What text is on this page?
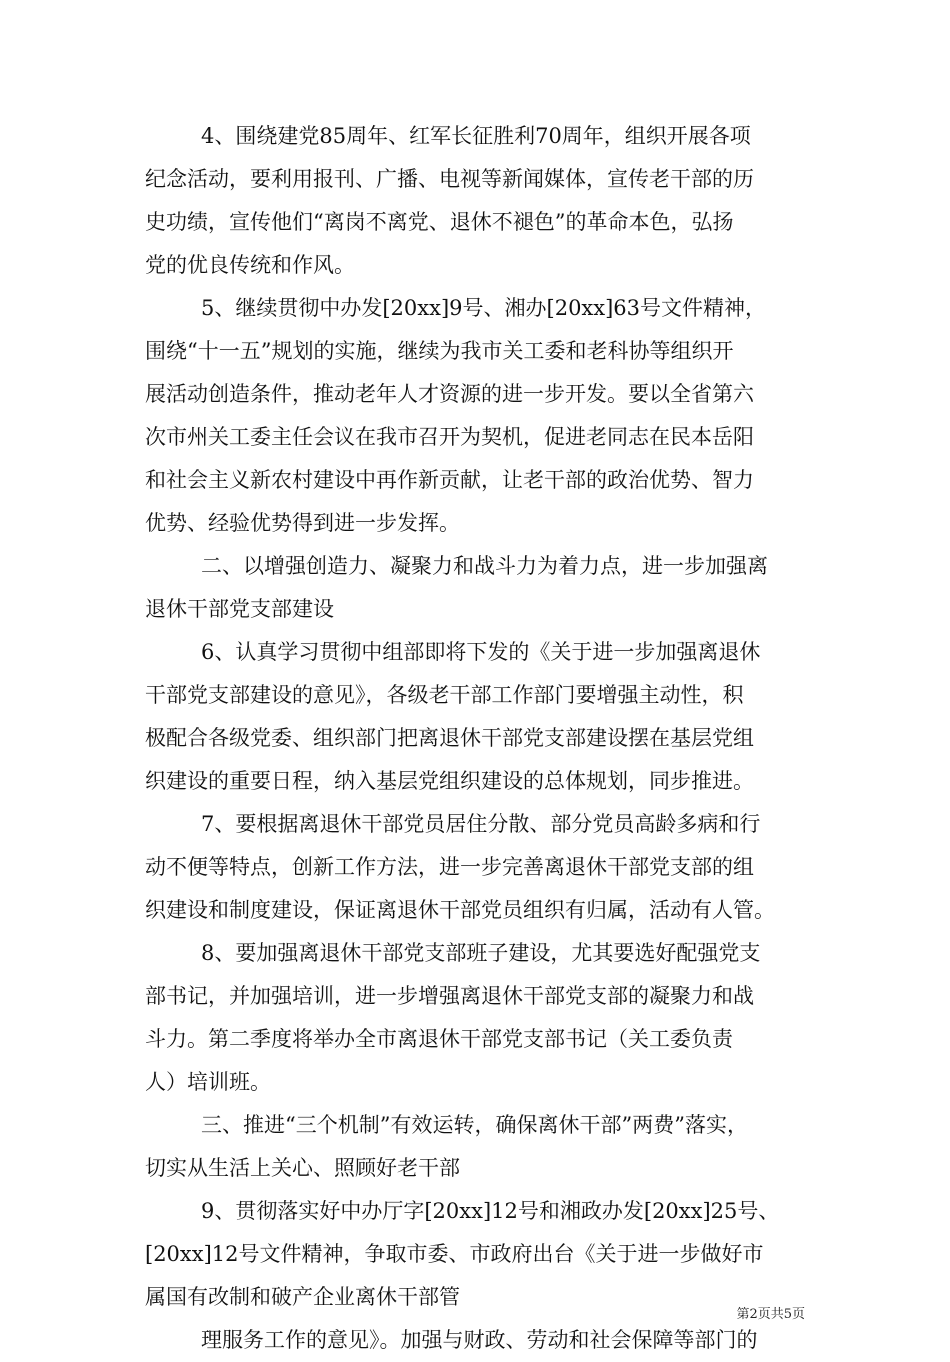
4、围绕建党85周年、红军长征胜利70周年，组织开展各项
纪念活动，要利用报刊、广播、电视等新闻媒体，宣传老干部的历
史功绩，宣传他们“离岗不离党、退休不褪色”的革命本色，弘扬
党的优良传统和作风。
5、继续贯彻中办发[20xx]9号、湘办[20xx]63号文件精神，
围绕“十一五”规划的实施，继续为我市关工委和老科协等组织开
展活动创造条件，推动老年人才资源的进一步开发。要以全省第六
次市州关工委主任会议在我市召开为契机，促进老同志在民本岳阳
和社会主义新农村建设中再作新贡献，让老干部的政治优势、智力
优势、经验优势得到进一步发挥。
二、以增强创造力、凝聚力和战斗力为着力点，进一步加强离
退休干部党支部建设
6、认真学习贯彻中组部即将下发的《关于进一步加强离退休
干部党支部建设的意见》，各级老干部工作部门要增强主动性，积
极配合各级党委、组织部门把离退休干部党支部建设摆在基层党组
织建设的重要日程，纳入基层党组织建设的总体规划，同步推进。
7、要根据离退休干部党员居住分散、部分党员高龄多病和行
动不便等特点，创新工作方法，进一步完善离退休干部党支部的组
织建设和制度建设，保证离退休干部党员组织有归属，活动有人管。
8、要加强离退休干部党支部班子建设，尤其要选好配强党支
部书记，并加强培训，进一步增强离退休干部党支部的凝聚力和战
斗力。第二季度将举办全市离退休干部党支部书记（关工委负责
人）培训班。
三、推进“三个机制”有效运转，确保离休干部”两费”落实，
切实从生活上关心、照顾好老干部
9、贯彻落实好中办厅字[20xx]12号和湘政办发[20xx]25号、
[20xx]12号文件精神，争取市委、市政府出台《关于进一步做好市
属国有改制和破产企业离休干部管
理服务工作的意见》。加强与财政、劳动和社会保障等部门的
第2页共5页
